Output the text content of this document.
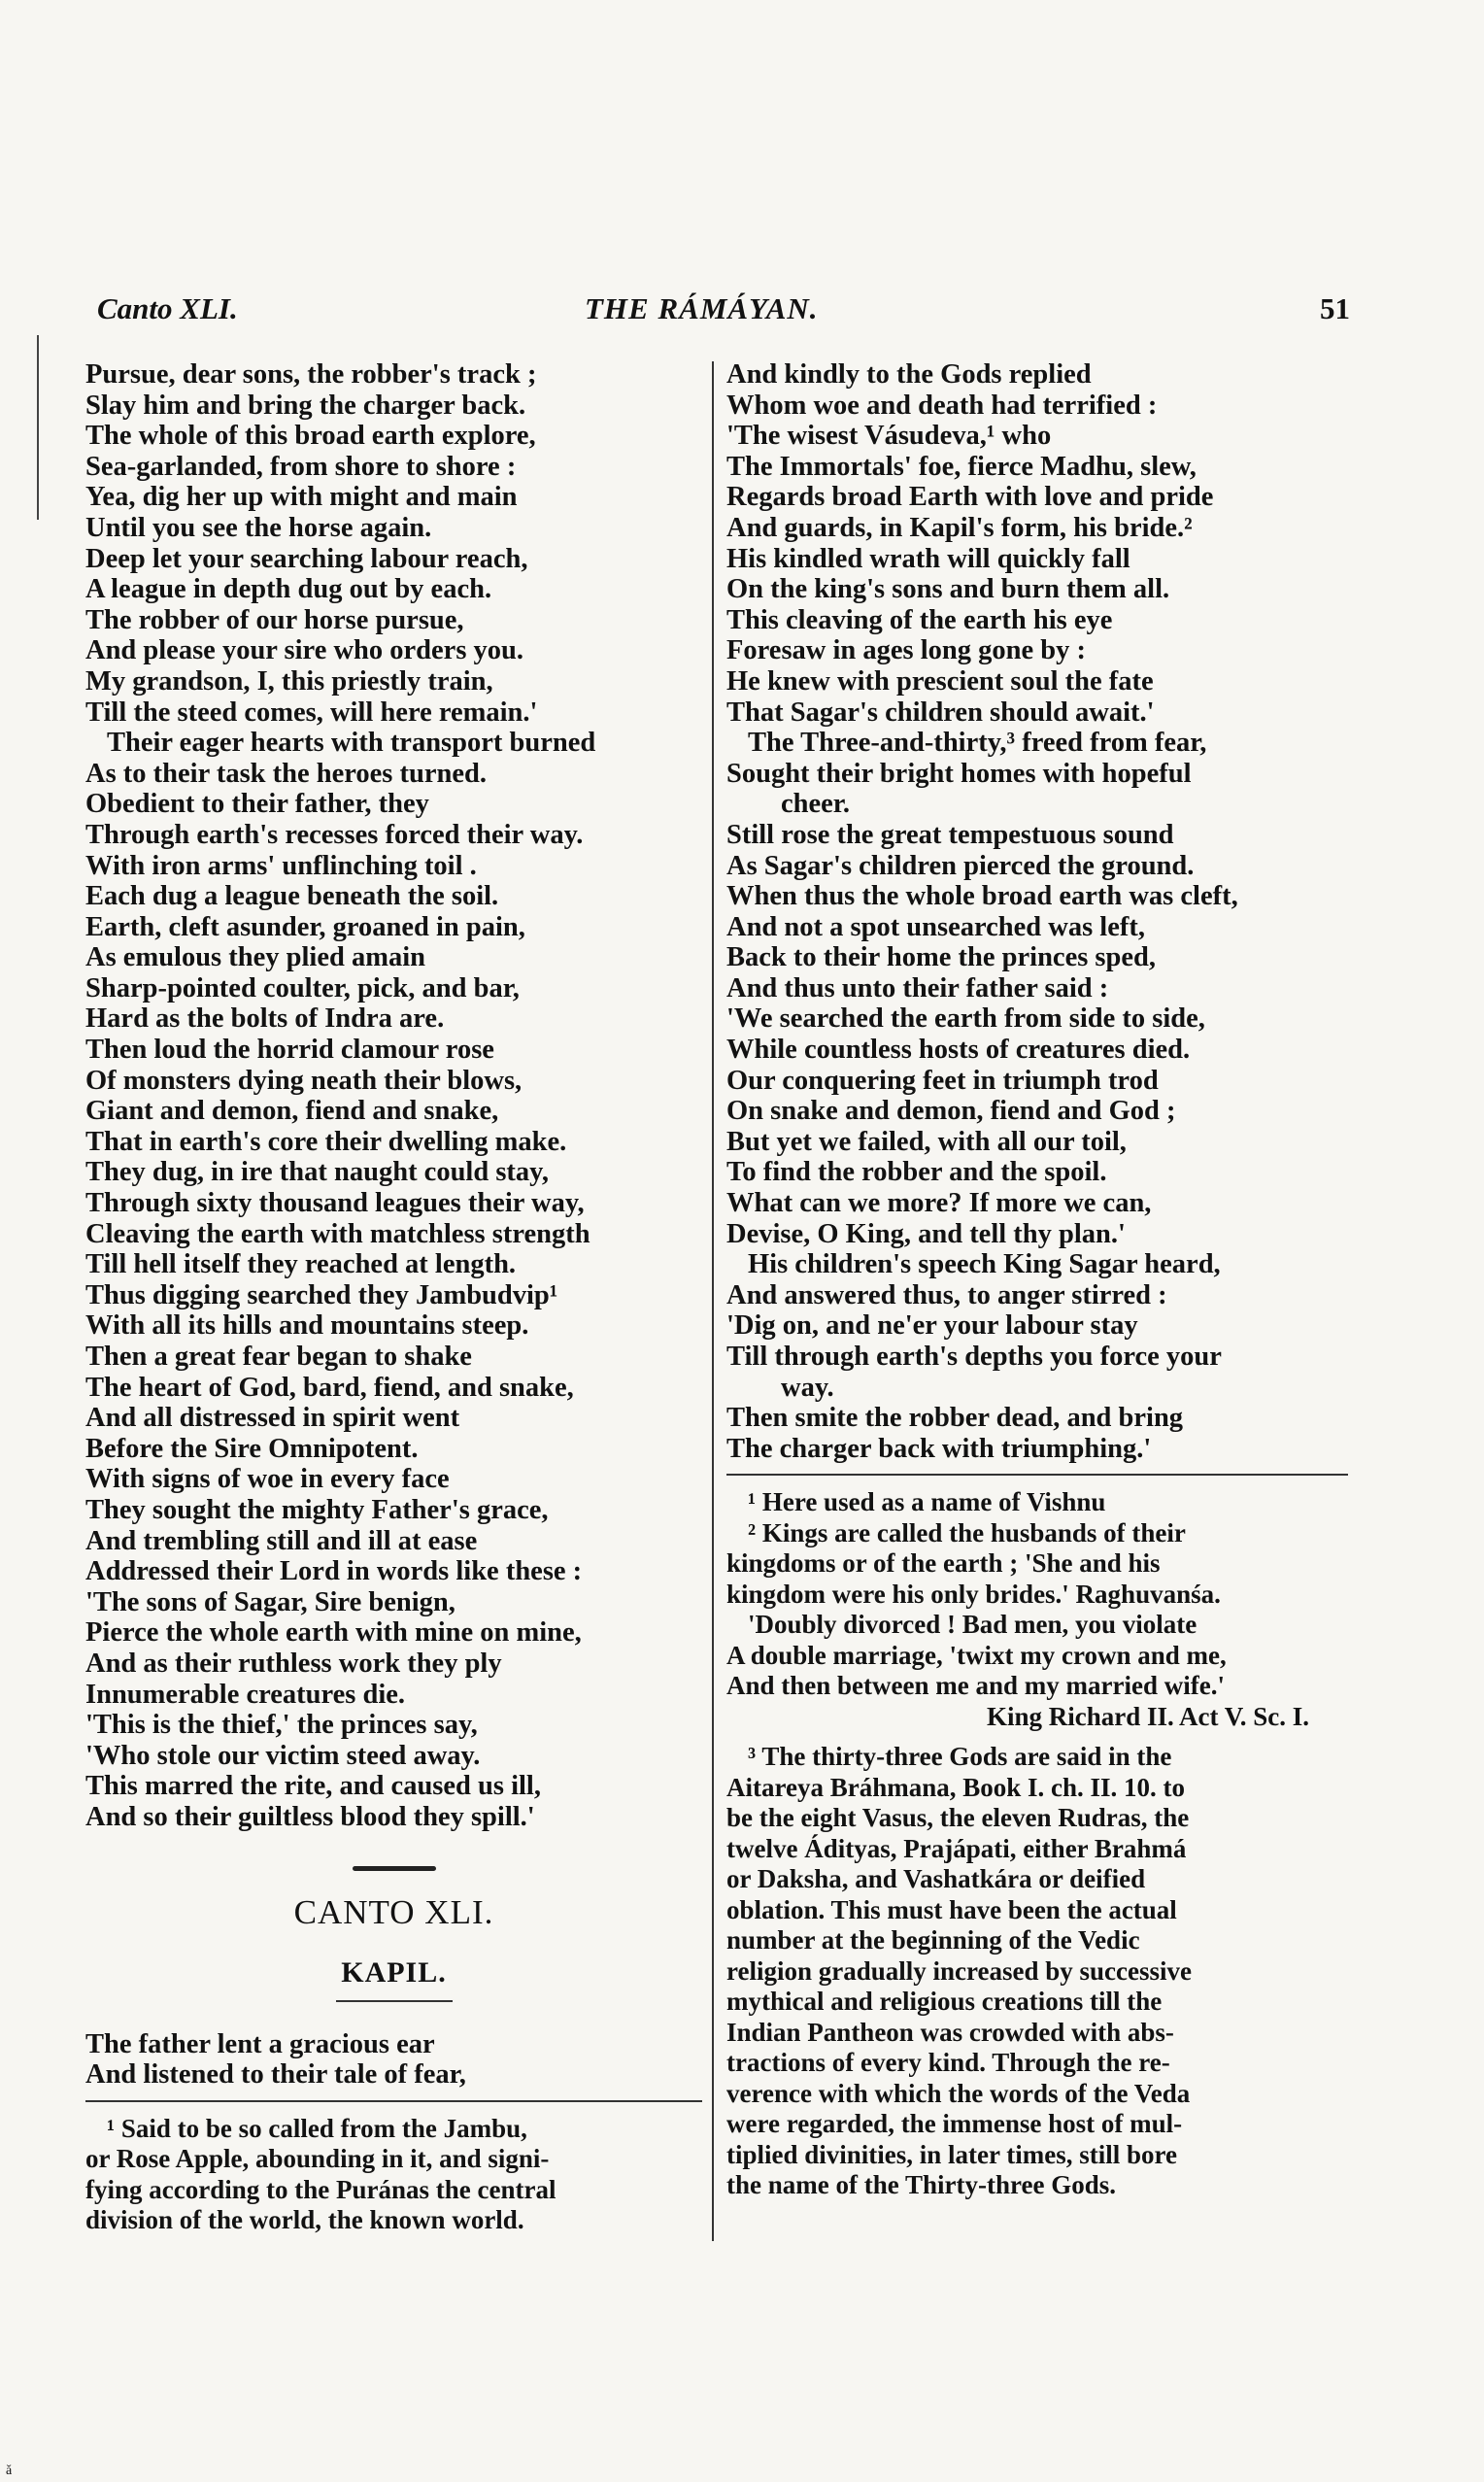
Canto XLI.	THE RÁMÁYAN.	51
Pursue, dear sons, the robber's track ;
Slay him and bring the charger back.
The whole of this broad earth explore,
Sea-garlanded, from shore to shore :
Yea, dig her up with might and main
Until you see the horse again.
Deep let your searching labour reach,
A league in depth dug out by each.
The robber of our horse pursue,
And please your sire who orders you.
My grandson, I, this priestly train,
Till the steed comes, will here remain.'
Their eager hearts with transport burned
As to their task the heroes turned.
Obedient to their father, they
Through earth's recesses forced their way.
With iron arms' unflinching toil .
Each dug a league beneath the soil.
Earth, cleft asunder, groaned in pain,
As emulous they plied amain
Sharp-pointed coulter, pick, and bar,
Hard as the bolts of Indra are.
Then loud the horrid clamour rose
Of monsters dying neath their blows,
Giant and demon, fiend and snake,
That in earth's core their dwelling make.
They dug, in ire that naught could stay,
Through sixty thousand leagues their way,
Cleaving the earth with matchless strength
Till hell itself they reached at length.
Thus digging searched they Jambudvip¹
With all its hills and mountains steep.
Then a great fear began to shake
The heart of God, bard, fiend, and snake,
And all distressed in spirit went
Before the Sire Omnipotent.
With signs of woe in every face
They sought the mighty Father's grace,
And trembling still and ill at ease
Addressed their Lord in words like these :
'The sons of Sagar, Sire benign,
Pierce the whole earth with mine on mine,
And as their ruthless work they ply
Innumerable creatures die.
'This is the thief,' the princes say,
'Who stole our victim steed away.
This marred the rite, and caused us ill,
And so their guiltless blood they spill.'
CANTO XLI.
KAPIL.
The father lent a gracious ear
And listened to their tale of fear,
¹ Said to be so called from the Jambu,
or Rose Apple, abounding in it, and signi-
fying according to the Puránas the central
division of the world, the known world.
And kindly to the Gods replied
Whom woe and death had terrified :
'The wisest Vásudeva,¹ who
The Immortals' foe, fierce Madhu, slew,
Regards broad Earth with love and pride
And guards, in Kapil's form, his bride.²
His kindled wrath will quickly fall
On the king's sons and burn them all.
This cleaving of the earth his eye
Foresaw in ages long gone by :
He knew with prescient soul the fate
That Sagar's children should await.'
The Three-and-thirty,³ freed from fear,
Sought their bright homes with hopeful
cheer.
Still rose the great tempestuous sound
As Sagar's children pierced the ground.
When thus the whole broad earth was cleft,
And not a spot unsearched was left,
Back to their home the princes sped,
And thus unto their father said :
'We searched the earth from side to side,
While countless hosts of creatures died.
Our conquering feet in triumph trod
On snake and demon, fiend and God ;
But yet we failed, with all our toil,
To find the robber and the spoil.
What can we more? If more we can,
Devise, O King, and tell thy plan.'
His children's speech King Sagar heard,
And answered thus, to anger stirred :
'Dig on, and ne'er your labour stay
Till through earth's depths you force your
way.
Then smite the robber dead, and bring
The charger back with triumphing.'
¹ Here used as a name of Vishnu
² Kings are called the husbands of their
kingdoms or of the earth ; 'She and his
kingdom were his only brides.' Raghuvanśa.
'Doubly divorced ! Bad men, you violate
A double marriage, 'twixt my crown and me,
And then between me and my married wife.'
King Richard II. Act V. Sc. I.
³ The thirty-three Gods are said in the
Aitareya Bráhmana, Book I. ch. II. 10. to
be the eight Vasus, the eleven Rudras, the
twelve Ádityas, Prajápati, either Brahmá
or Daksha, and Vashatkára or deified
oblation. This must have been the actual
number at the beginning of the Vedic
religion gradually increased by successive
mythical and religious creations till the
Indian Pantheon was crowded with abs-
tractions of every kind. Through the re-
verence with which the words of the Veda
were regarded, the immense host of mul-
tiplied divinities, in later times, still bore
the name of the Thirty-three Gods.
ǎ
